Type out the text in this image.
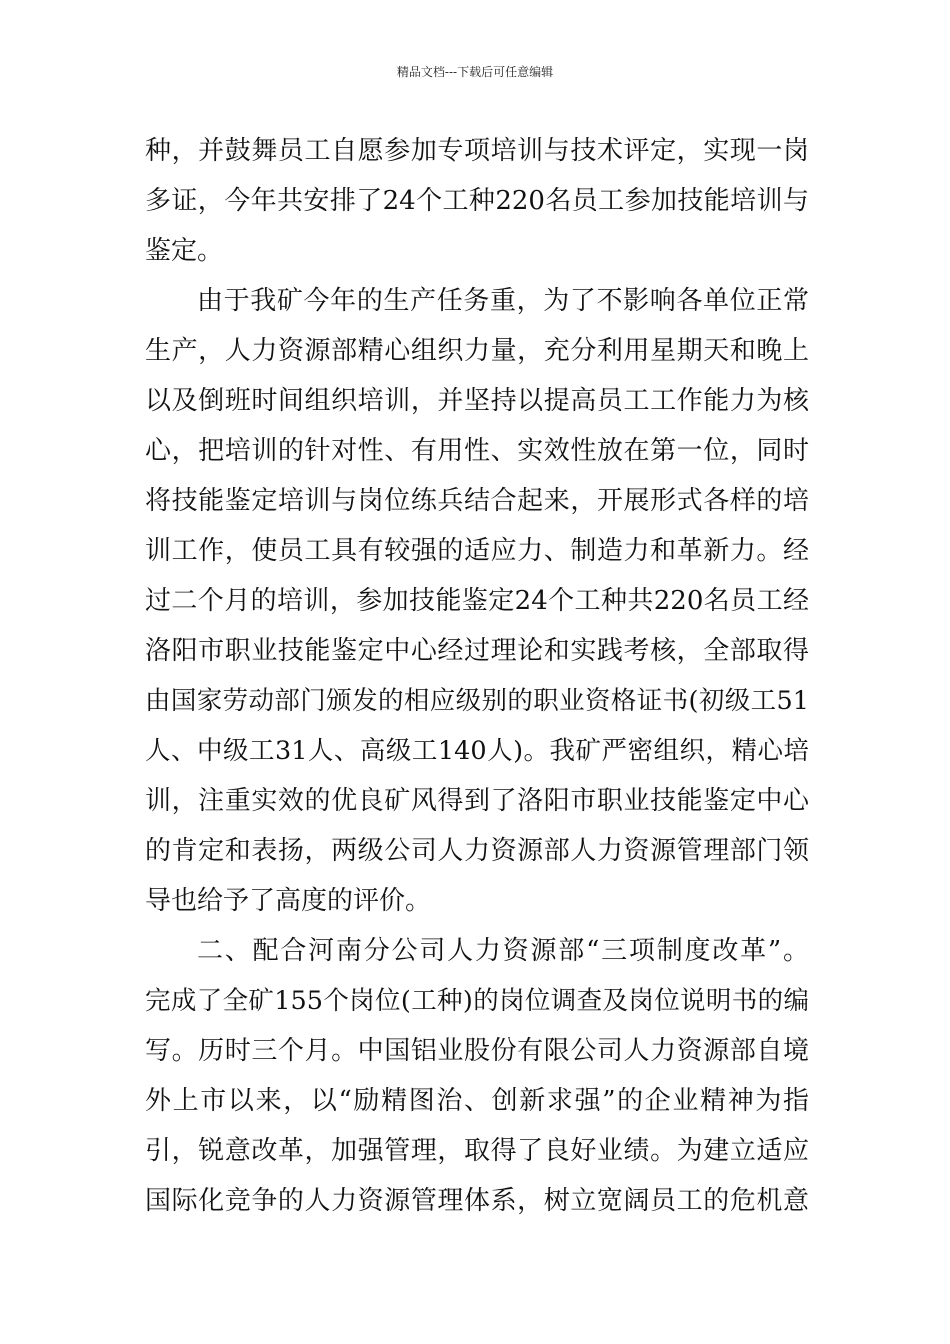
精品文档---下载后可任意编辑
种，并鼓舞员工自愿参加专项培训与技术评定，实现一岗
多证，今年共安排了24个工种220名员工参加技能培训与
鉴定。
由于我矿今年的生产任务重，为了不影响各单位正常
生产，人力资源部精心组织力量，充分利用星期天和晚上
以及倒班时间组织培训，并坚持以提高员工工作能力为核
心，把培训的针对性、有用性、实效性放在第一位，同时
将技能鉴定培训与岗位练兵结合起来，开展形式各样的培
训工作，使员工具有较强的适应力、制造力和革新力。经
过二个月的培训，参加技能鉴定24个工种共220名员工经
洛阳市职业技能鉴定中心经过理论和实践考核，全部取得
由国家劳动部门颁发的相应级别的职业资格证书(初级工51
人、中级工31人、高级工140人)。我矿严密组织，精心培
训，注重实效的优良矿风得到了洛阳市职业技能鉴定中心
的肯定和表扬，两级公司人力资源部人力资源管理部门领
导也给予了高度的评价。
二、配合河南分公司人力资源部“三项制度改革”。
完成了全矿155个岗位(工种)的岗位调查及岗位说明书的编
写。历时三个月。中国铝业股份有限公司人力资源部自境
外上市以来，以“励精图治、创新求强”的企业精神为指
引，锐意改革，加强管理，取得了良好业绩。为建立适应
国际化竞争的人力资源管理体系，树立宽阔员工的危机意
